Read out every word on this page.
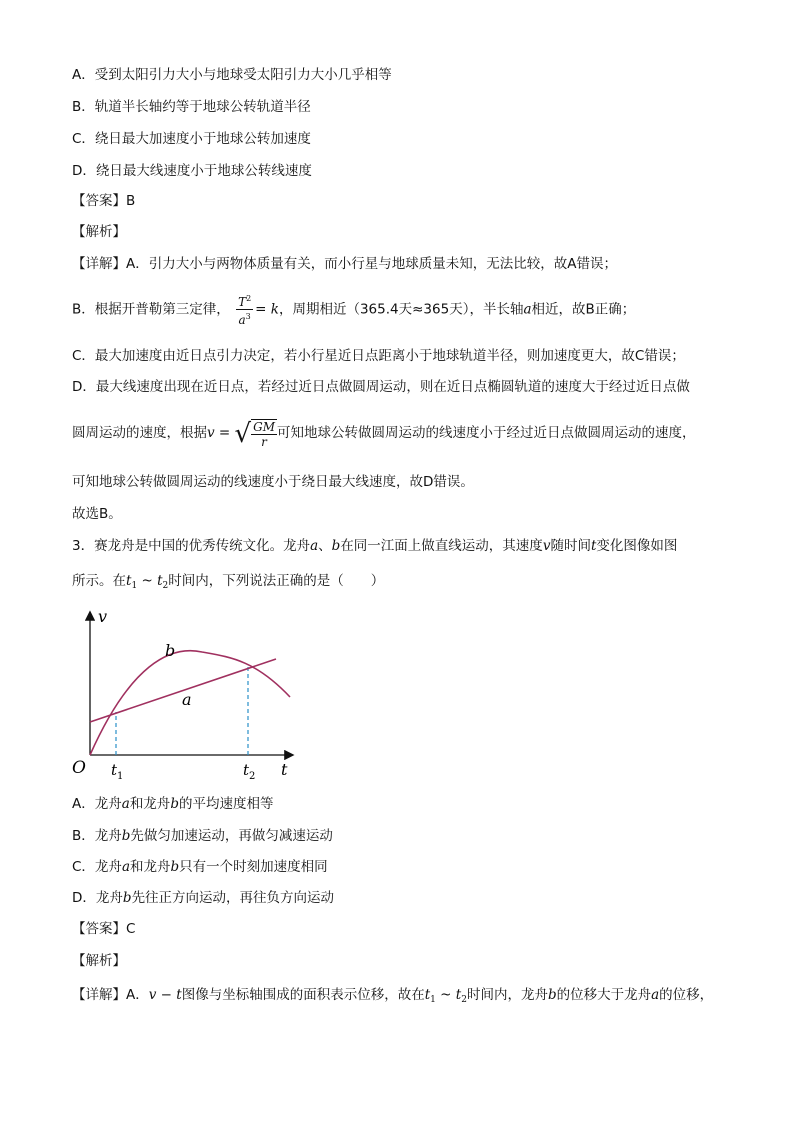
A．受到太阳引力大小与地球受太阳引力大小几乎相等
B．轨道半长轴约等于地球公转轨道半径
C．绕日最大加速度小于地球公转加速度
D．绕日最大线速度小于地球公转线速度
【答案】B
【解析】
【详解】A．引力大小与两物体质量有关，而小行星与地球质量未知，无法比较，故A错误；
B．根据开普勒第三定律， $\frac{T^2}{a^3} = k$，周期相近（365.4天≈365天），半长轴a相近，故B正确；
C．最大加速度由近日点引力决定，若小行星近日点距离小于地球轨道半径，则加速度更大，故C错误；
D．最大线速度出现在近日点，若经过近日点做圆周运动，则在近日点椭圆轨道的速度大于经过近日点做
圆周运动的速度，根据v = √ $\frac{GM}{r}$ 可知地球公转做圆周运动的线速度小于经过近日点做圆周运动的速度，
可知地球公转做圆周运动的线速度小于绕日最大线速度，故D错误。
故选B。
3．赛龙舟是中国的优秀传统文化。龙舟a、b在同一江面上做直线运动，其速度v随时间t变化图像如图
所示。在$t_1$ ~ $t_2$时间内，下列说法正确的是（　　）
v
t
O
b
a
$t_1$	$t_2$
A．龙舟a和龙舟b的平均速度相等
B．龙舟b先做匀加速运动，再做匀减速运动
C．龙舟a和龙舟b只有一个时刻加速度相同
D．龙舟b先往正方向运动，再往负方向运动
【答案】C
【解析】
【详解】A．v − t图像与坐标轴围成的面积表示位移，故在$t_1$ ~ $t_2$时间内，龙舟b的位移大于龙舟a的位移，
